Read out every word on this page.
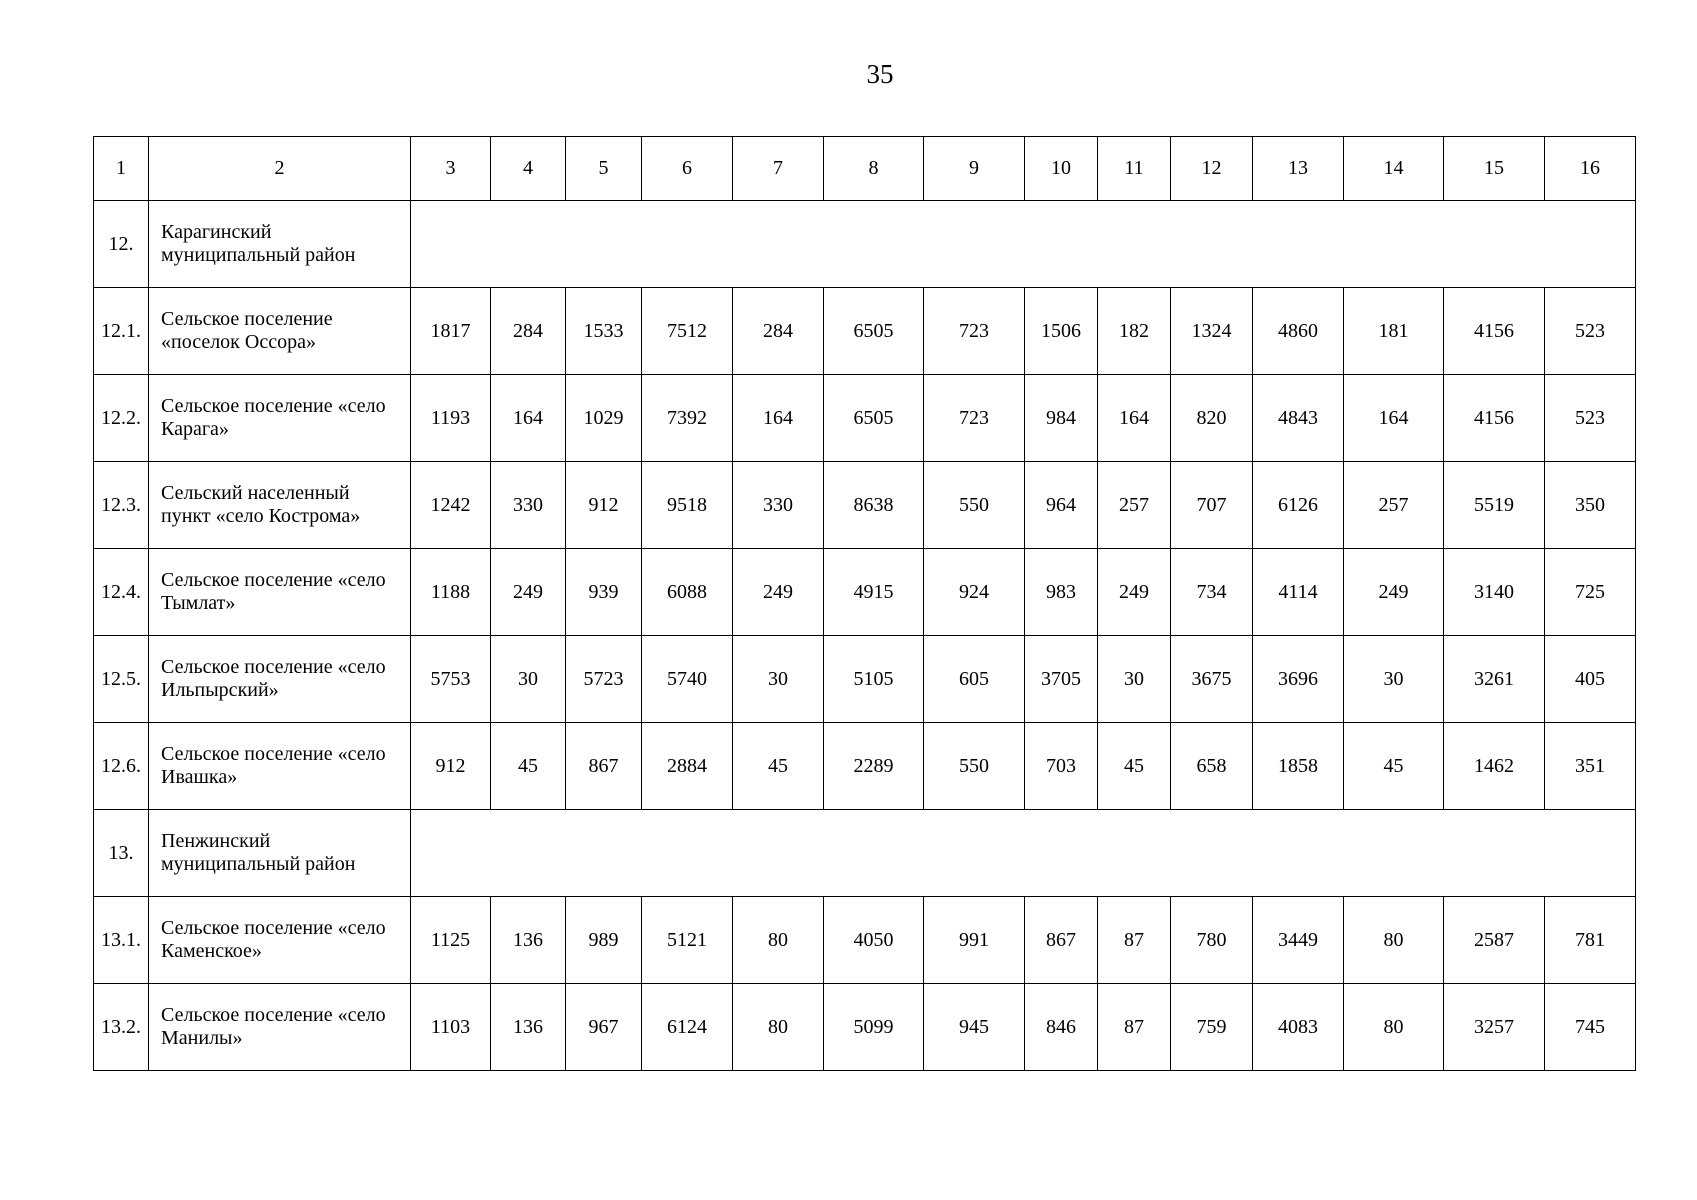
35
1	2	3	4	5	6	7	8	9	10	11	12	13	14	15	16
12.	Карагинский муниципальный район														
12.1.	Сельское поселение «поселок Оссора»	1817	284	1533	7512	284	6505	723	1506	182	1324	4860	181	4156	523
12.2.	Сельское поселение «село Карага»	1193	164	1029	7392	164	6505	723	984	164	820	4843	164	4156	523
12.3.	Сельский населенный пункт «село Кострома»	1242	330	912	9518	330	8638	550	964	257	707	6126	257	5519	350
12.4.	Сельское поселение «село Тымлат»	1188	249	939	6088	249	4915	924	983	249	734	4114	249	3140	725
12.5.	Сельское поселение «село Ильпырский»	5753	30	5723	5740	30	5105	605	3705	30	3675	3696	30	3261	405
12.6.	Сельское поселение «село Ивашка»	912	45	867	2884	45	2289	550	703	45	658	1858	45	1462	351
13.	Пенжинский муниципальный район														
13.1.	Сельское поселение «село Каменское»	1125	136	989	5121	80	4050	991	867	87	780	3449	80	2587	781
13.2.	Сельское поселение «село Манилы»	1103	136	967	6124	80	5099	945	846	87	759	4083	80	3257	745
